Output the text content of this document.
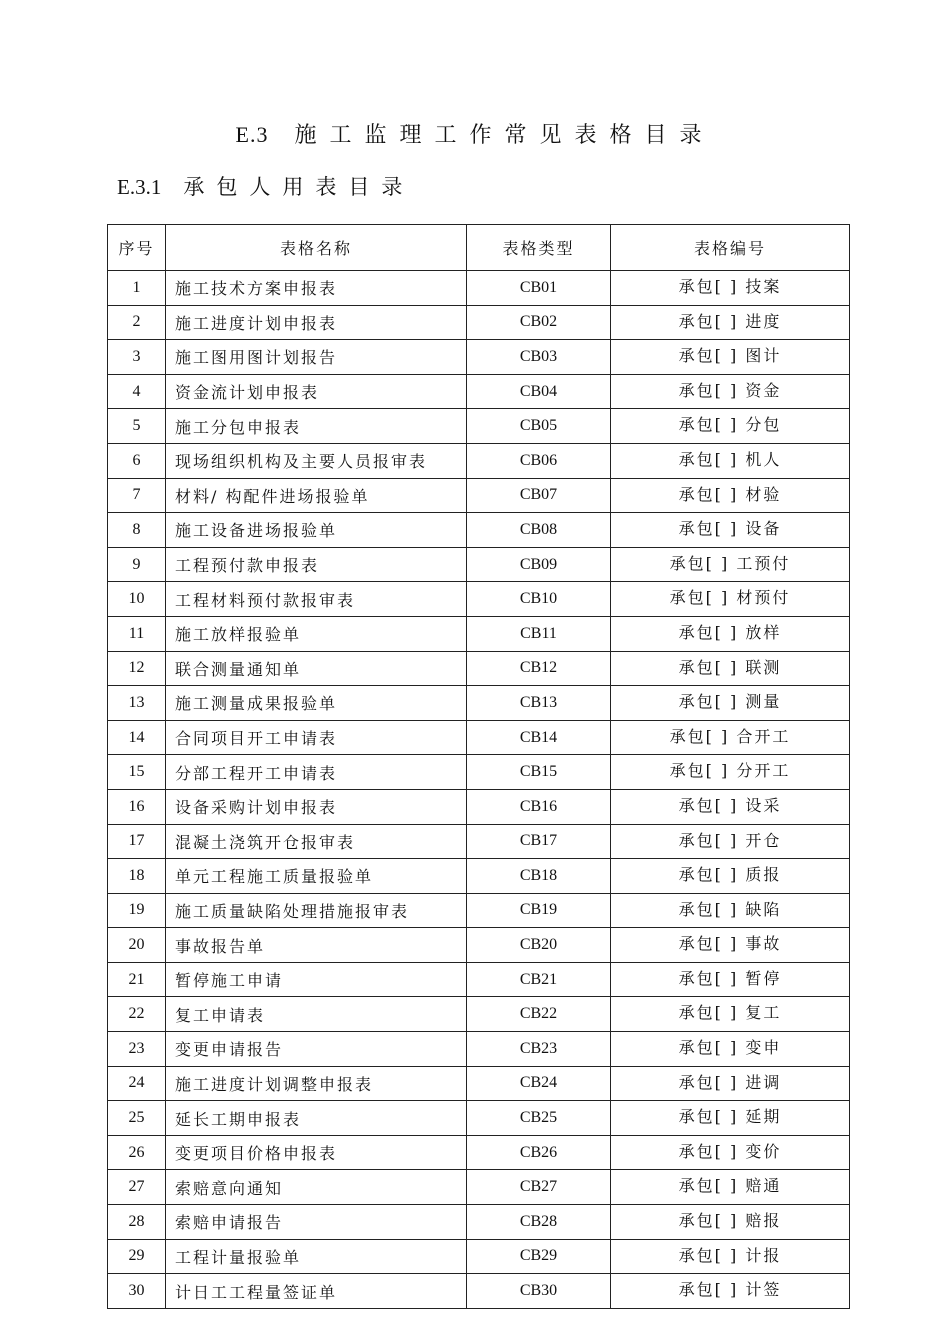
E.3 施工监理工作常见表格目录
E.3.1 承包人用表目录
序号	表格名称	表格类型	表格编号
1	施工技术方案申报表	CB01	承包[ ] 技案
2	施工进度计划申报表	CB02	承包[ ] 进度
3	施工图用图计划报告	CB03	承包[ ] 图计
4	资金流计划申报表	CB04	承包[ ] 资金
5	施工分包申报表	CB05	承包[ ] 分包
6	现场组织机构及主要人员报审表	CB06	承包[ ] 机人
7	材料/ 构配件进场报验单	CB07	承包[ ] 材验
8	施工设备进场报验单	CB08	承包[ ] 设备
9	工程预付款申报表	CB09	承包[ ] 工预付
10	工程材料预付款报审表	CB10	承包[ ] 材预付
11	施工放样报验单	CB11	承包[ ] 放样
12	联合测量通知单	CB12	承包[ ] 联测
13	施工测量成果报验单	CB13	承包[ ] 测量
14	合同项目开工申请表	CB14	承包[ ] 合开工
15	分部工程开工申请表	CB15	承包[ ] 分开工
16	设备采购计划申报表	CB16	承包[ ] 设采
17	混凝土浇筑开仓报审表	CB17	承包[ ] 开仓
18	单元工程施工质量报验单	CB18	承包[ ] 质报
19	施工质量缺陷处理措施报审表	CB19	承包[ ] 缺陷
20	事故报告单	CB20	承包[ ] 事故
21	暂停施工申请	CB21	承包[ ] 暂停
22	复工申请表	CB22	承包[ ] 复工
23	变更申请报告	CB23	承包[ ] 变申
24	施工进度计划调整申报表	CB24	承包[ ] 进调
25	延长工期申报表	CB25	承包[ ] 延期
26	变更项目价格申报表	CB26	承包[ ] 变价
27	索赔意向通知	CB27	承包[ ] 赔通
28	索赔申请报告	CB28	承包[ ] 赔报
29	工程计量报验单	CB29	承包[ ] 计报
30	计日工工程量签证单	CB30	承包[ ] 计签
